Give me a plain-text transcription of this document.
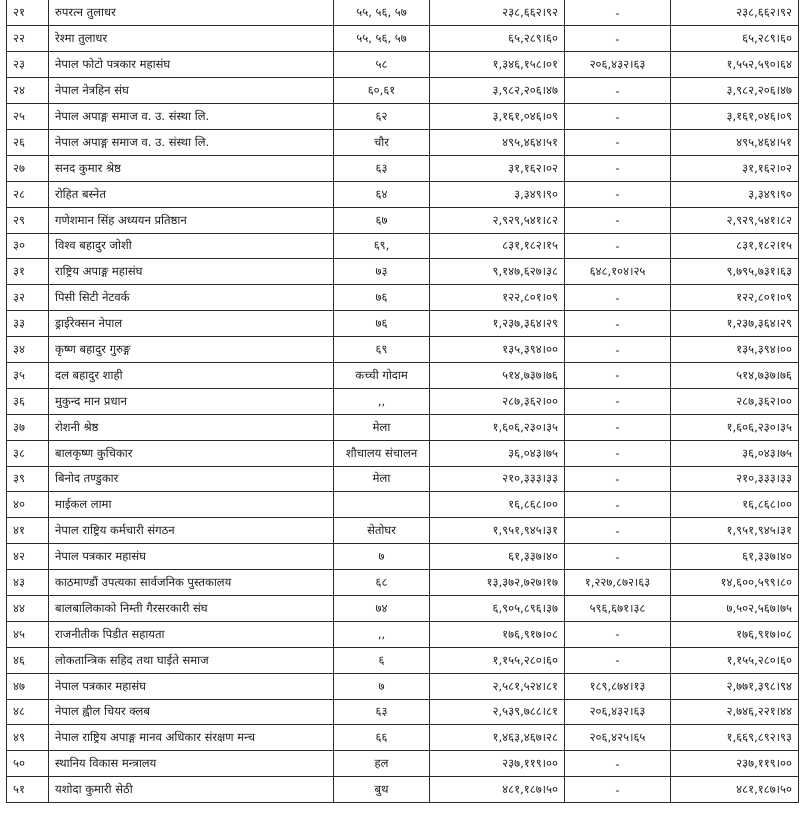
२१	रुपरत्न तुलाधर	५५, ५६, ५७	२३८,६६२।९२	-	२३८,६६२।९२
२२	रेश्मा तुलाधर	५५, ५६, ५७	६५,२८९।६०	-	६५,२८९।६०
२३	नेपाल फोटो पत्रकार महासंघ	५८	१,३४६,१५८।०१	२०६,४३२।६३	१,५५२,५९०।६४
२४	नेपाल नेत्रहिन संघ	६०,६१	३,९८२,२०६।४७	-	३,९८२,२०६।४७
२५	नेपाल अपाङ्ग समाज व. उ. संस्था लि.	६२	३,१६१,०४६।०९	-	३,१६१,०४६।०९
२६	नेपाल अपाङ्ग समाज व. उ. संस्था लि.	चौर	४९५,४६४।५१	-	४९५,४६४।५१
२७	सनद कुमार श्रेष्ठ	६३	३१,१६२।०२	-	३१,१६२।०२
२८	रोहित बस्नेत	६४	३,३४९।९०	-	३,३४९।९०
२९	गणेशमान सिंह अध्ययन प्रतिष्ठान	६७	२,९२९,५४१।८२	-	२,९२९,५४१।८२
३०	विश्व बहादुर जोशी	६९,	८३१,१८२।१५	-	८३१,१८२।१५
३१	राष्ट्रिय अपाङ्ग महासंघ	७३	९,१४७,६२७।३८	६४८,१०४।२५	९,७९५,७३१।६३
३२	पिसी सिटी नेटवर्क	७६	१२२,८०१।०९	-	१२२,८०१।०९
३३	ड्राईरेक्सन नेपाल	७६	१,२३७,३६४।२९	-	१,२३७,३६४।२९
३४	कृष्ण बहादुर गुरुङ्ग	६९	१३५,३९४।००	-	१३५,३९४।००
३५	दल बहादुर शाही	कच्ची गोदाम	५१४,७३७।७६	-	५१४,७३७।७६
३६	मुकुन्द मान प्रधान	,,	२८७,३६२।००	-	२८७,३६२।००
३७	रोशनी श्रेष्ठ	मेला	१,६०६,२३०।३५	-	१,६०६,२३०।३५
३८	बालकृष्ण कुचिकार	शौचालय संचालन	३६,०४३।७५	-	३६,०४३।७५
३९	बिनोद तण्डुकार	मेला	२१०,३३३।३३	-	२१०,३३३।३३
४०	माईकल लामा		१६,८६८।००	-	१६,८६८।००
४१	नेपाल राष्ट्रिय कर्मचारी संगठन	सेतोघर	१,९५१,९४५।३१	-	१,९५१,९४५।३१
४२	नेपाल पत्रकार महासंघ	७	६१,३३७।४०	-	६१,३३७।४०
४३	काठमाण्डौं उपत्यका सार्वजनिक पुस्तकालय	६८	१३,३७२,७२७।१७	१,२२७,८७२।६३	१४,६००,५९९।८०
४४	बालबालिकाको निम्ती गैरसरकारी संघ	७४	६,९०५,८९६।३७	५९६,६७१।३८	७,५०२,५६७।७५
४५	राजनीतीक पिडीत सहायता	,,	१७६,९१७।०८	-	१७६,९१७।०८
४६	लोकतान्त्रिक सहिद तथा घाईते समाज	६	१,१५५,२८०।६०	-	१,१५५,२८०।६०
४७	नेपाल पत्रकार महासंघ	७	२,५८१,५२४।८१	१८९,८७४।१३	२,७७१,३९८।९४
४८	नेपाल ह्वील चियर क्लब	६३	२,५३९,७८८।८१	२०६,४३२।६३	२,७४६,२२१।४४
४९	नेपाल राष्ट्रिय अपाङ्ग मानव अधिकार संरक्षण मन्च	६६	१,४६३,४६७।२८	२०६,४२५।६५	१,६६९,८९२।९३
५०	स्थानिय विकास मन्त्रालय	हल	२३७,११९।००	-	२३७,११९।००
५१	यशोदा कुमारी सेठी	बुथ	४८१,१८७।५०	-	४८१,१८७।५०
